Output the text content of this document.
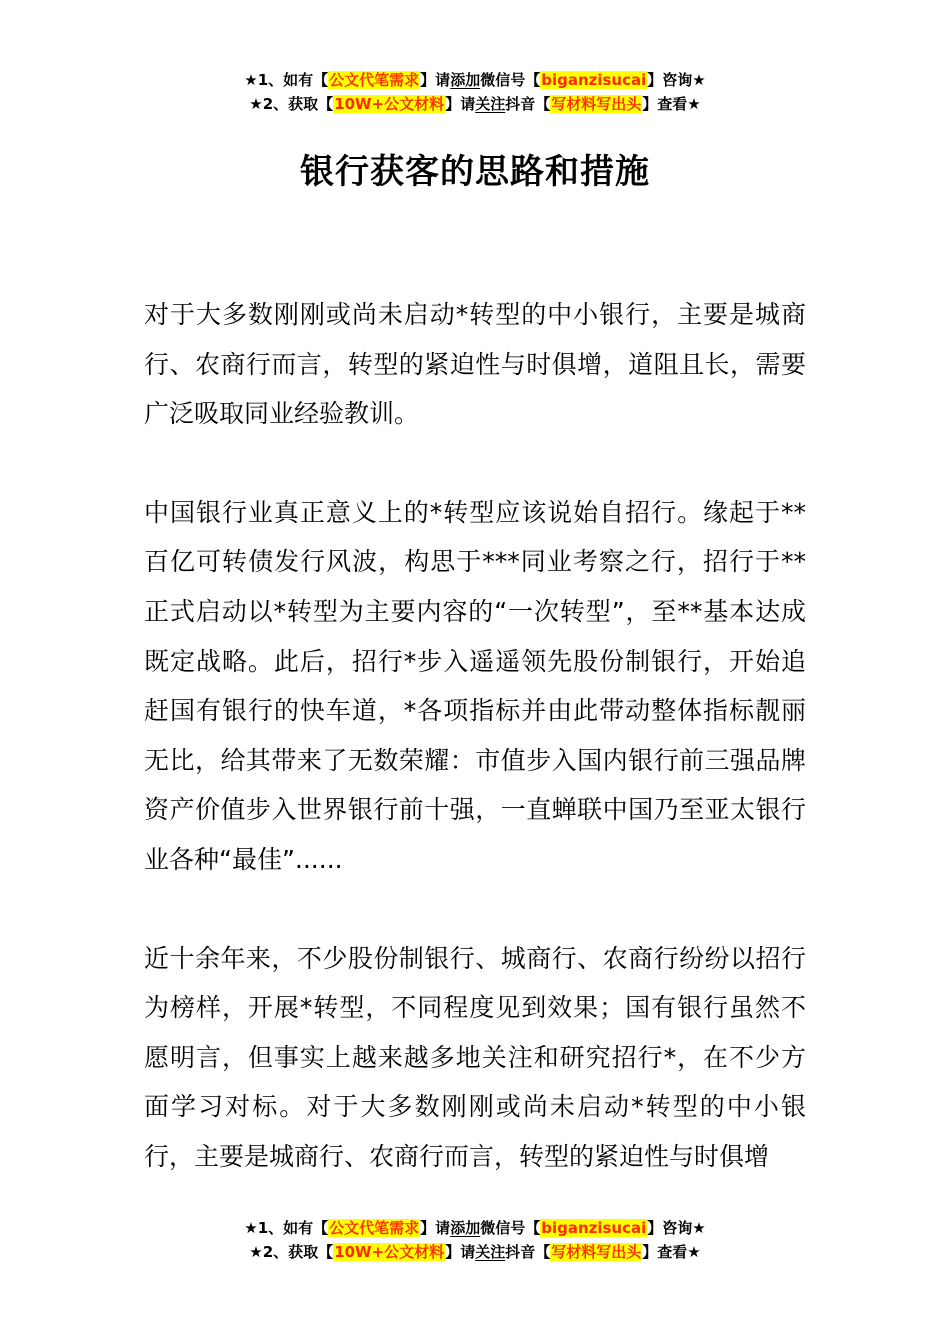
★1、如有【公文代笔需求】请添加微信号【biganzisucai】咨询★
★2、获取【10W+公文材料】请关注抖音【写材料写出头】查看★
银行获客的思路和措施

对于大多数刚刚或尚未启动*转型的中小银行，主要是城商行、农商行而言，转型的紧迫性与时俱增，道阻且长，需要广泛吸取同业经验教训。

中国银行业真正意义上的*转型应该说始自招行。缘起于**百亿可转债发行风波，构思于***同业考察之行，招行于**正式启动以*转型为主要内容的“一次转型”，至**基本达成既定战略。此后，招行*步入遥遥领先股份制银行，开始追赶国有银行的快车道，*各项指标并由此带动整体指标靓丽无比，给其带来了无数荣耀：市值步入国内银行前三强品牌资产价值步入世界银行前十强，一直蝉联中国乃至亚太银行业各种“最佳”......

近十余年来，不少股份制银行、城商行、农商行纷纷以招行为榜样，开展*转型，不同程度见到效果；国有银行虽然不愿明言，但事实上越来越多地关注和研究招行*，在不少方面学习对标。对于大多数刚刚或尚未启动*转型的中小银行，主要是城商行、农商行而言，转型的紧迫性与时俱增

★1、如有【公文代笔需求】请添加微信号【biganzisucai】咨询★
★2、获取【10W+公文材料】请关注抖音【写材料写出头】查看★
